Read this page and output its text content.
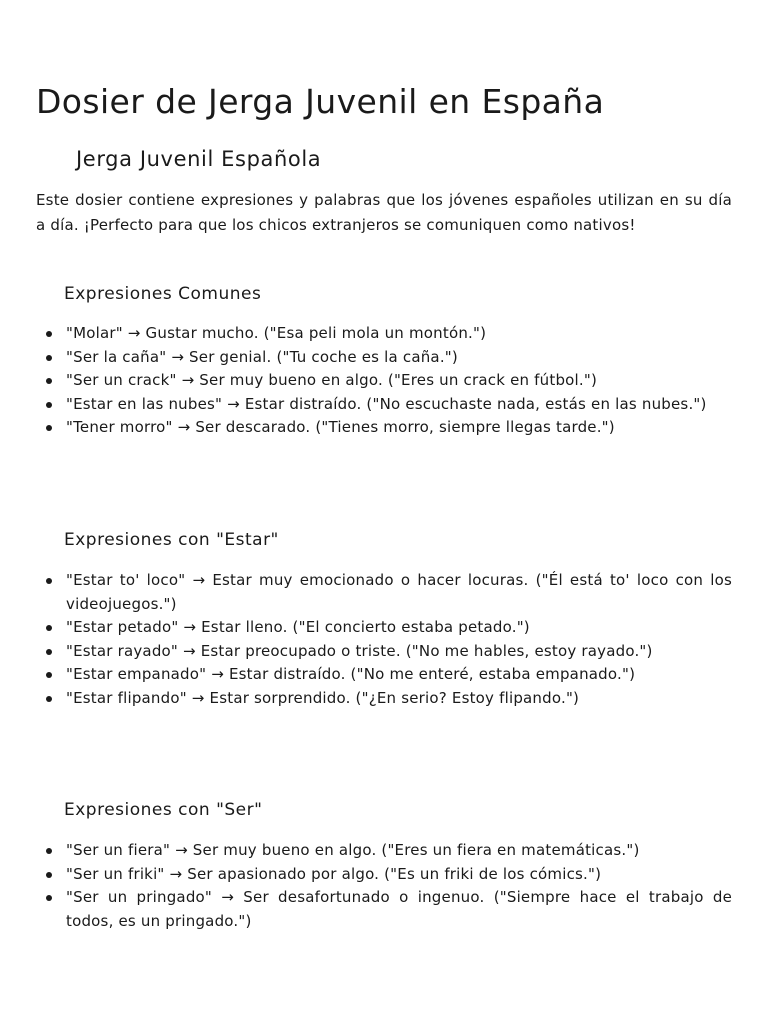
Dosier de Jerga Juvenil en España
Jerga Juvenil Española

Este dosier contiene expresiones y palabras que los jóvenes españoles utilizan en su día a día. ¡Perfecto para que los chicos extranjeros se comuniquen como nativos!

Expresiones Comunes
"Molar" → Gustar mucho. ("Esa peli mola un montón.")
"Ser la caña" → Ser genial. ("Tu coche es la caña.")
"Ser un crack" → Ser muy bueno en algo. ("Eres un crack en fútbol.")
"Estar en las nubes" → Estar distraído. ("No escuchaste nada, estás en las nubes.")
"Tener morro" → Ser descarado. ("Tienes morro, siempre llegas tarde.")
Expresiones con "Estar"
"Estar to' loco" → Estar muy emocionado o hacer locuras. ("Él está to' loco con los videojuegos.")
"Estar petado" → Estar lleno. ("El concierto estaba petado.")
"Estar rayado" → Estar preocupado o triste. ("No me hables, estoy rayado.")
"Estar empanado" → Estar distraído. ("No me enteré, estaba empanado.")
"Estar flipando" → Estar sorprendido. ("¿En serio? Estoy flipando.")
Expresiones con "Ser"
"Ser un fiera" → Ser muy bueno en algo. ("Eres un fiera en matemáticas.")
"Ser un friki" → Ser apasionado por algo. ("Es un friki de los cómics.")
"Ser un pringado" → Ser desafortunado o ingenuo. ("Siempre hace el trabajo de todos, es un pringado.")
